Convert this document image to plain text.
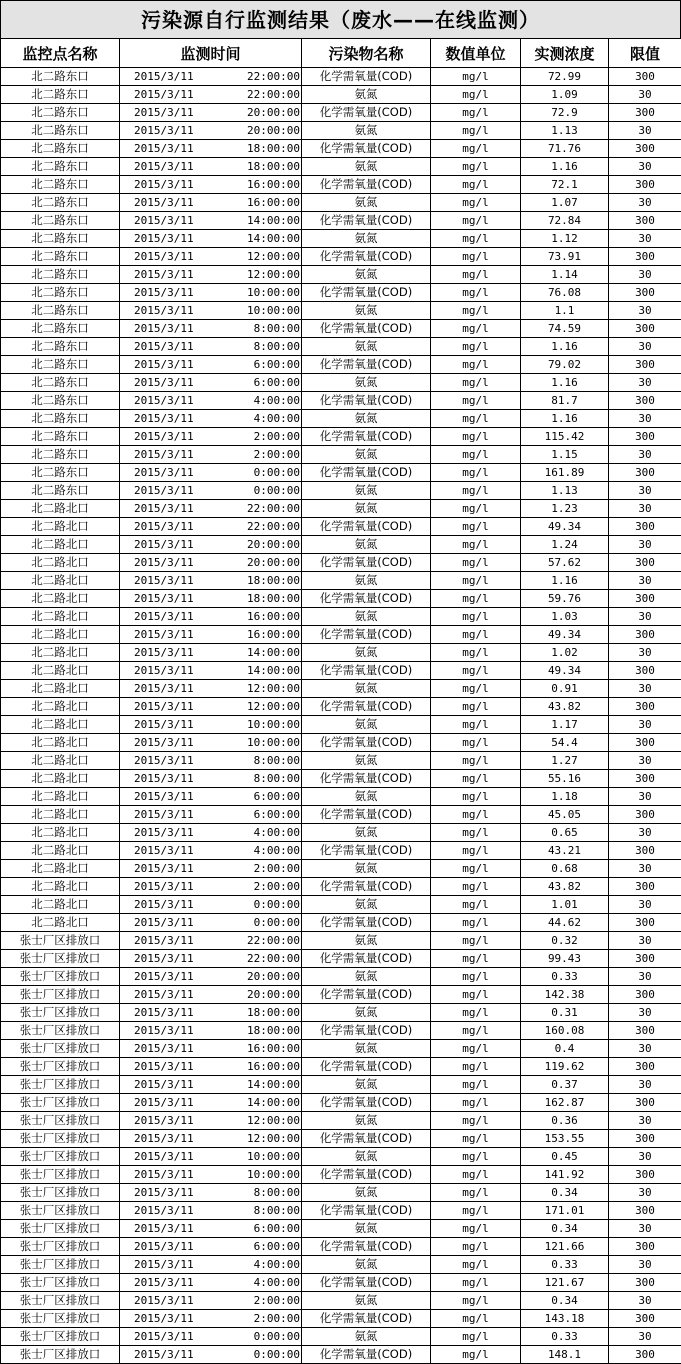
污染源自行监测结果（废水——在线监测）
监控点名称	监测时间	污染物名称	数值单位	实测浓度	限值
北二路东口	2015/3/11 22:00:00	化学需氧量(COD)	mg/l	72.99	300
北二路东口	2015/3/11 22:00:00	氨氮	mg/l	1.09	30
北二路东口	2015/3/11 20:00:00	化学需氧量(COD)	mg/l	72.9	300
北二路东口	2015/3/11 20:00:00	氨氮	mg/l	1.13	30
北二路东口	2015/3/11 18:00:00	化学需氧量(COD)	mg/l	71.76	300
北二路东口	2015/3/11 18:00:00	氨氮	mg/l	1.16	30
北二路东口	2015/3/11 16:00:00	化学需氧量(COD)	mg/l	72.1	300
北二路东口	2015/3/11 16:00:00	氨氮	mg/l	1.07	30
北二路东口	2015/3/11 14:00:00	化学需氧量(COD)	mg/l	72.84	300
北二路东口	2015/3/11 14:00:00	氨氮	mg/l	1.12	30
北二路东口	2015/3/11 12:00:00	化学需氧量(COD)	mg/l	73.91	300
北二路东口	2015/3/11 12:00:00	氨氮	mg/l	1.14	30
北二路东口	2015/3/11 10:00:00	化学需氧量(COD)	mg/l	76.08	300
北二路东口	2015/3/11 10:00:00	氨氮	mg/l	1.1	30
北二路东口	2015/3/11 8:00:00	化学需氧量(COD)	mg/l	74.59	300
北二路东口	2015/3/11 8:00:00	氨氮	mg/l	1.16	30
北二路东口	2015/3/11 6:00:00	化学需氧量(COD)	mg/l	79.02	300
北二路东口	2015/3/11 6:00:00	氨氮	mg/l	1.16	30
北二路东口	2015/3/11 4:00:00	化学需氧量(COD)	mg/l	81.7	300
北二路东口	2015/3/11 4:00:00	氨氮	mg/l	1.16	30
北二路东口	2015/3/11 2:00:00	化学需氧量(COD)	mg/l	115.42	300
北二路东口	2015/3/11 2:00:00	氨氮	mg/l	1.15	30
北二路东口	2015/3/11 0:00:00	化学需氧量(COD)	mg/l	161.89	300
北二路东口	2015/3/11 0:00:00	氨氮	mg/l	1.13	30
北二路北口	2015/3/11 22:00:00	氨氮	mg/l	1.23	30
北二路北口	2015/3/11 22:00:00	化学需氧量(COD)	mg/l	49.34	300
北二路北口	2015/3/11 20:00:00	氨氮	mg/l	1.24	30
北二路北口	2015/3/11 20:00:00	化学需氧量(COD)	mg/l	57.62	300
北二路北口	2015/3/11 18:00:00	氨氮	mg/l	1.16	30
北二路北口	2015/3/11 18:00:00	化学需氧量(COD)	mg/l	59.76	300
北二路北口	2015/3/11 16:00:00	氨氮	mg/l	1.03	30
北二路北口	2015/3/11 16:00:00	化学需氧量(COD)	mg/l	49.34	300
北二路北口	2015/3/11 14:00:00	氨氮	mg/l	1.02	30
北二路北口	2015/3/11 14:00:00	化学需氧量(COD)	mg/l	49.34	300
北二路北口	2015/3/11 12:00:00	氨氮	mg/l	0.91	30
北二路北口	2015/3/11 12:00:00	化学需氧量(COD)	mg/l	43.82	300
北二路北口	2015/3/11 10:00:00	氨氮	mg/l	1.17	30
北二路北口	2015/3/11 10:00:00	化学需氧量(COD)	mg/l	54.4	300
北二路北口	2015/3/11 8:00:00	氨氮	mg/l	1.27	30
北二路北口	2015/3/11 8:00:00	化学需氧量(COD)	mg/l	55.16	300
北二路北口	2015/3/11 6:00:00	氨氮	mg/l	1.18	30
北二路北口	2015/3/11 6:00:00	化学需氧量(COD)	mg/l	45.05	300
北二路北口	2015/3/11 4:00:00	氨氮	mg/l	0.65	30
北二路北口	2015/3/11 4:00:00	化学需氧量(COD)	mg/l	43.21	300
北二路北口	2015/3/11 2:00:00	氨氮	mg/l	0.68	30
北二路北口	2015/3/11 2:00:00	化学需氧量(COD)	mg/l	43.82	300
北二路北口	2015/3/11 0:00:00	氨氮	mg/l	1.01	30
北二路北口	2015/3/11 0:00:00	化学需氧量(COD)	mg/l	44.62	300
张士厂区排放口	2015/3/11 22:00:00	氨氮	mg/l	0.32	30
张士厂区排放口	2015/3/11 22:00:00	化学需氧量(COD)	mg/l	99.43	300
张士厂区排放口	2015/3/11 20:00:00	氨氮	mg/l	0.33	30
张士厂区排放口	2015/3/11 20:00:00	化学需氧量(COD)	mg/l	142.38	300
张士厂区排放口	2015/3/11 18:00:00	氨氮	mg/l	0.31	30
张士厂区排放口	2015/3/11 18:00:00	化学需氧量(COD)	mg/l	160.08	300
张士厂区排放口	2015/3/11 16:00:00	氨氮	mg/l	0.4	30
张士厂区排放口	2015/3/11 16:00:00	化学需氧量(COD)	mg/l	119.62	300
张士厂区排放口	2015/3/11 14:00:00	氨氮	mg/l	0.37	30
张士厂区排放口	2015/3/11 14:00:00	化学需氧量(COD)	mg/l	162.87	300
张士厂区排放口	2015/3/11 12:00:00	氨氮	mg/l	0.36	30
张士厂区排放口	2015/3/11 12:00:00	化学需氧量(COD)	mg/l	153.55	300
张士厂区排放口	2015/3/11 10:00:00	氨氮	mg/l	0.45	30
张士厂区排放口	2015/3/11 10:00:00	化学需氧量(COD)	mg/l	141.92	300
张士厂区排放口	2015/3/11 8:00:00	氨氮	mg/l	0.34	30
张士厂区排放口	2015/3/11 8:00:00	化学需氧量(COD)	mg/l	171.01	300
张士厂区排放口	2015/3/11 6:00:00	氨氮	mg/l	0.34	30
张士厂区排放口	2015/3/11 6:00:00	化学需氧量(COD)	mg/l	121.66	300
张士厂区排放口	2015/3/11 4:00:00	氨氮	mg/l	0.33	30
张士厂区排放口	2015/3/11 4:00:00	化学需氧量(COD)	mg/l	121.67	300
张士厂区排放口	2015/3/11 2:00:00	氨氮	mg/l	0.34	30
张士厂区排放口	2015/3/11 2:00:00	化学需氧量(COD)	mg/l	143.18	300
张士厂区排放口	2015/3/11 0:00:00	氨氮	mg/l	0.33	30
张士厂区排放口	2015/3/11 0:00:00	化学需氧量(COD)	mg/l	148.1	300
